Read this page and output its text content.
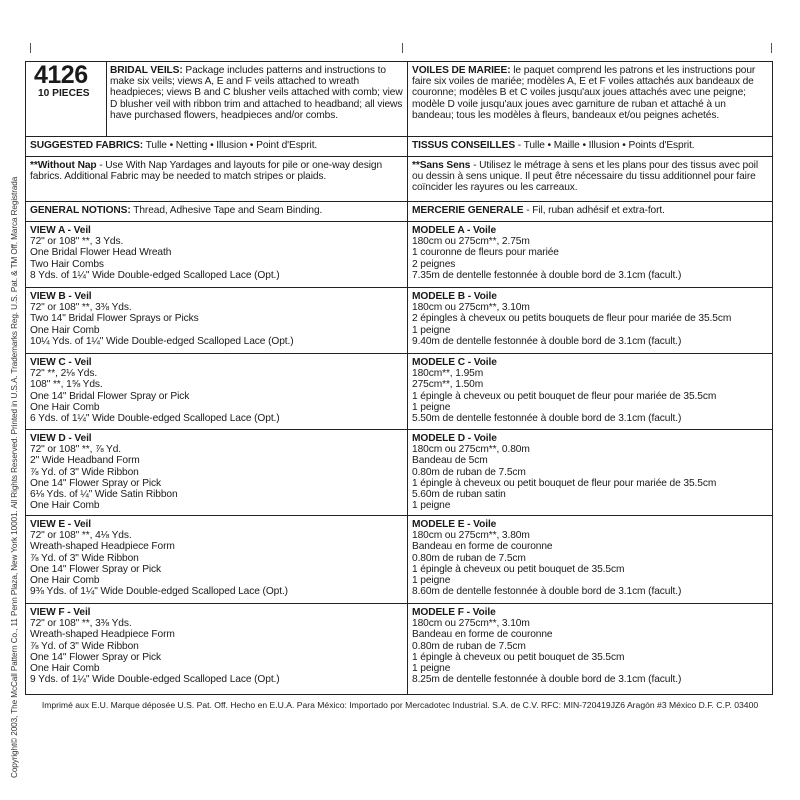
Copyright© 2003, The McCall Pattern Co., 11 Penn Plaza, New York 10001. All Rights Reserved. Printed in U.S.A. Trademarks Reg. U.S. Pat. & TM Off. Marca Registrada
4126
10 PIECES

BRIDAL VEILS: Package includes patterns and instructions to make six veils; views A, E and F veils attached to wreath headpieces; views B and C blusher veils attached with comb; view D blusher veil with ribbon trim and attached to headband; all views have purchased flowers, headpieces and/or combs.

VOILES DE MARIEE: le paquet comprend les patrons et les instructions pour faire six voiles de mariée; modèles A, E et F voiles attachés aux bandeaux de couronne; modèles B et C voiles jusqu'aux joues attachés avec une peigne; modèle D voile jusqu'aux joues avec garniture de ruban et attaché à un bandeau; tous les modèles à fleurs, bandeaux et/ou peignes achetés.

SUGGESTED FABRICS: Tulle • Netting • Illusion • Point d'Esprit.	TISSUS CONSEILLES - Tulle • Maille • Illusion • Points d'Esprit.

**Without Nap - Use With Nap Yardages and layouts for pile or one-way design fabrics. Additional Fabric may be needed to match stripes or plaids.

**Sans Sens - Utilisez le métrage à sens et les plans pour des tissus avec poil ou dessin à sens unique. Il peut être nécessaire du tissu additionnel pour faire coïncider les rayures ou les carreaux.

GENERAL NOTIONS: Thread, Adhesive Tape and Seam Binding.	MERCERIE GENERALE - Fil, ruban adhésif et extra-fort.

VIEW A - Veil
72" or 108" **, 3 Yds.
One Bridal Flower Head Wreath
Two Hair Combs
8 Yds. of 1¼" Wide Double-edged Scalloped Lace (Opt.)
MODELE A - Voile
180cm ou 275cm**, 2.75m
1 couronne de fleurs pour mariée
2 peignes
7.35m de dentelle festonnée à double bord de 3.1cm (facult.)
VIEW B - Veil
72" or 108" **, 3⅜ Yds.
Two 14" Bridal Flower Sprays or Picks
One Hair Comb
10¼ Yds. of 1¼" Wide Double-edged Scalloped Lace (Opt.)
MODELE B - Voile
180cm ou 275cm**, 3.10m
2 épingles à cheveux ou petits bouquets de fleur pour mariée de 35.5cm
1 peigne
9.40m de dentelle festonnée à double bord de 3.1cm (facult.)
VIEW C - Veil
72" **, 2⅛ Yds.
108" **, 1⅝ Yds.
One 14" Bridal Flower Spray or Pick
One Hair Comb
6 Yds. of 1¼" Wide Double-edged Scalloped Lace (Opt.)
MODELE C - Voile
180cm**, 1.95m
275cm**, 1.50m
1 épingle à cheveux ou petit bouquet de fleur pour mariée de 35.5cm
1 peigne
5.50m de dentelle festonnée à double bord de 3.1cm (facult.)
VIEW D - Veil
72" or 108" **, ⅞ Yd.
2" Wide Headband Form
⅞ Yd. of 3" Wide Ribbon
One 14" Flower Spray or Pick
6⅛ Yds. of ¼" Wide Satin Ribbon
One Hair Comb
MODELE D - Voile
180cm ou 275cm**, 0.80m
Bandeau de 5cm
0.80m de ruban de 7.5cm
1 épingle à cheveux ou petit bouquet de fleur pour mariée de 35.5cm
5.60m de ruban satin
1 peigne
VIEW E - Veil
72" or 108" **, 4⅛ Yds.
Wreath-shaped Headpiece Form
⅞ Yd. of 3" Wide Ribbon
One 14" Flower Spray or Pick
One Hair Comb
9⅜ Yds. of 1¼" Wide Double-edged Scalloped Lace (Opt.)
MODELE E - Voile
180cm ou 275cm**, 3.80m
Bandeau en forme de couronne
0.80m de ruban de 7.5cm
1 épingle à cheveux ou petit bouquet de 35.5cm
1 peigne
8.60m de dentelle festonnée à double bord de 3.1cm (facult.)
VIEW F - Veil
72" or 108" **, 3⅜ Yds.
Wreath-shaped Headpiece Form
⅞ Yd. of 3" Wide Ribbon
One 14" Flower Spray or Pick
One Hair Comb
9 Yds. of 1¼" Wide Double-edged Scalloped Lace (Opt.)
MODELE F - Voile
180cm ou 275cm**, 3.10m
Bandeau en forme de couronne
0.80m de ruban de 7.5cm
1 épingle à cheveux ou petit bouquet de 35.5cm
1 peigne
8.25m de dentelle festonnée à double bord de 3.1cm (facult.)
Imprimé aux E.U. Marque déposée U.S. Pat. Off. Hecho en E.U.A. Para México: Importado por Mercadotec Industrial. S.A. de C.V. RFC: MIN-720419JZ6 Aragón #3 México D.F. C.P. 03400
